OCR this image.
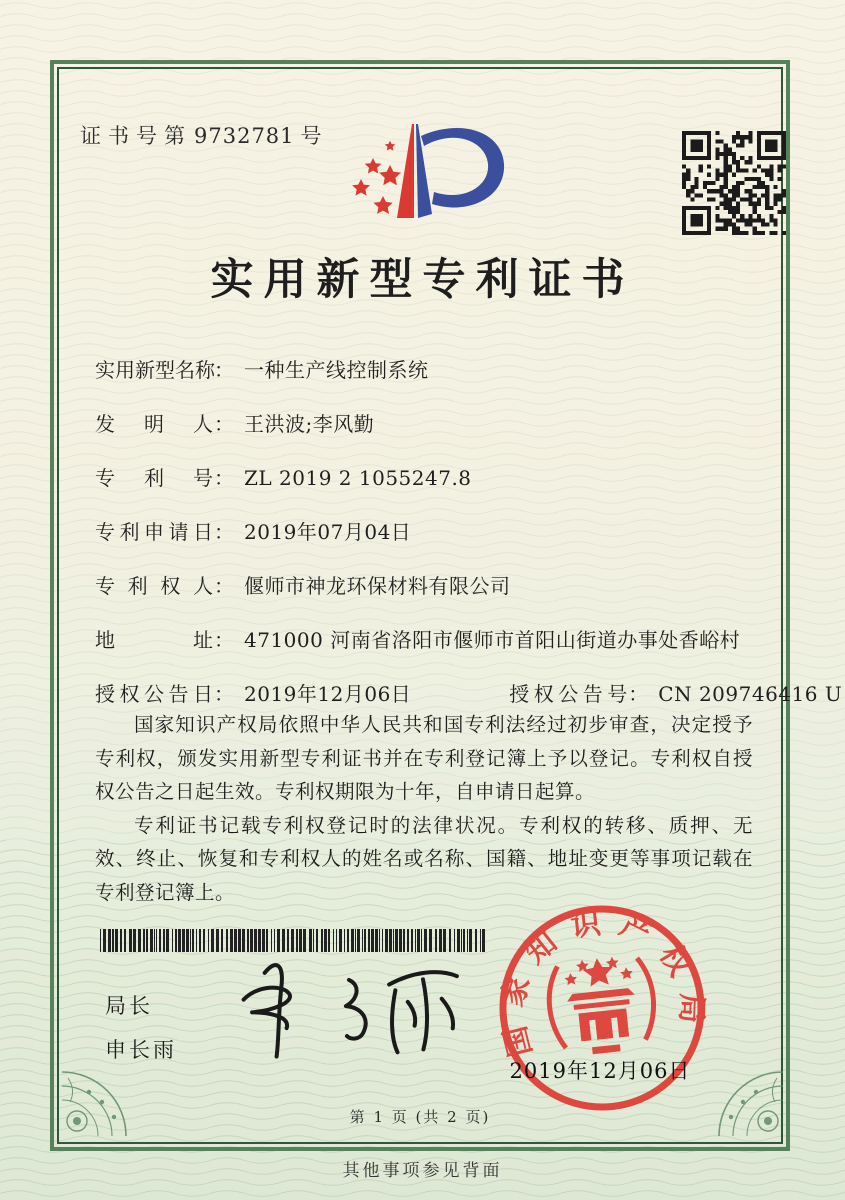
证书号第9732781 号
实用新型专利证书
实用新型名称： 一种生产线控制系统
发明人： 王洪波;李风勤
专利号： ZL 2019 2 1055247.8
专利申请日： 2019年07月04日
专利权人： 偃师市神龙环保材料有限公司
地址： 471000 河南省洛阳市偃师市首阳山街道办事处香峪村
授权公告日： 2019年12月06日	授权公告号： CN 209746416 U

国家知识产权局依照中华人民共和国专利法经过初步审查，决定授予专利权，颁发实用新型专利证书并在专利登记簿上予以登记。专利权自授权公告之日起生效。专利权期限为十年，自申请日起算。

专利证书记载专利权登记时的法律状况。专利权的转移、质押、无效、终止、恢复和专利权人的姓名或名称、国籍、地址变更等事项记载在专利登记簿上。

局长
申长雨	国家知识产权局
2019年12月06日
第 1 页 (共 2 页)
其他事项参见背面
